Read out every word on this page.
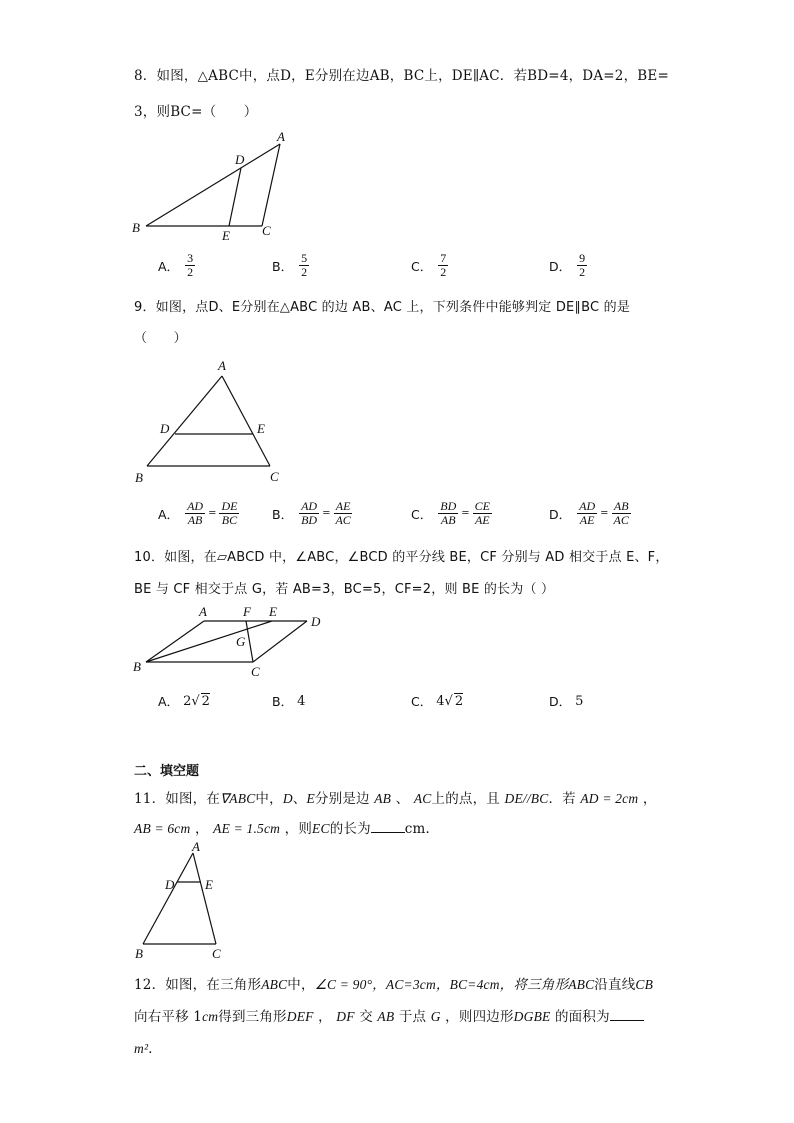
8．如图，△ABC中，点D，E分别在边AB，BC上，DE∥AC．若BD=4，DA=2，BE=
3，则BC=（　　）
A
D
B
E C
A． $\frac{3}{2}$	B． $\frac{5}{2}$	C． $\frac{7}{2}$	D． $\frac{9}{2}$
9．如图，点D、E分别在△ABC 的边 AB、AC 上，下列条件中能够判定 DE∥BC 的是
（　　）
A
D	E
B	C
A． $\frac{AD}{AB} = \frac{DE}{BC}$	B． $\frac{AD}{BD} = \frac{AE}{AC}$	C． $\frac{BD}{AB} = \frac{CE}{AE}$	D． $\frac{AD}{AE} = \frac{AB}{AC}$
10．如图，在▱ABCD 中，∠ABC，∠BCD 的平分线 BE，CF 分别与 AD 相交于点 E、F，
BE 与 CF 相交于点 G，若 AB=3，BC=5，CF=2，则 BE 的长为（ ）
A	F E
D
G
B	C
A． 2 √ 2	B． 4	C． 4 √ 2	D． 5
二、填空题
11．如图，在∇ABC中，D、E分别是边 AB 、 AC上的点，且 DE//BC．若 AD = 2cm ，
AB = 6cm ， AE = 1.5cm ，则EC的长为	cm．
A
D E
B	C
12．如图，在三角形ABC中，∠C = 90°，AC=3cm，BC=4cm，将三角形ABC沿直线CB
向右平移 1cm得到三角形DEF ， DF 交 AB 于点 G ，则四边形DGBE 的面积为
m²．
